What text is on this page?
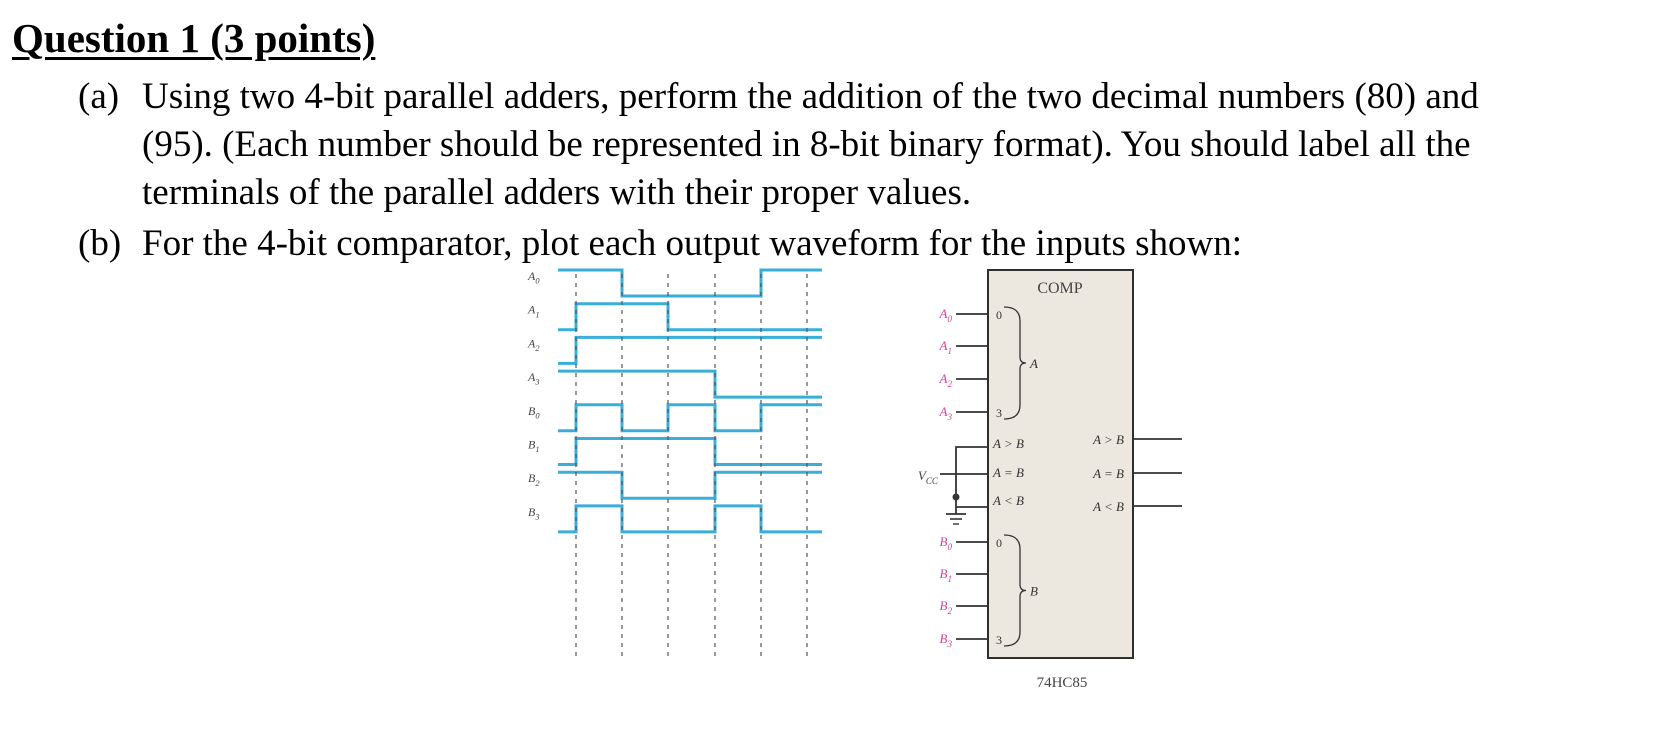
Question 1 (3 points)
(a) Using two 4-bit parallel adders, perform the addition of the two decimal numbers (80) and
(95). (Each number should be represented in 8-bit binary format). You should label all the
terminals of the parallel adders with their proper values.
(b) For the 4-bit comparator, plot each output waveform for the inputs shown:
$A_0$
$A_1$
$A_2$
$A_3$
$B_0$
$B_1$
$B_2$
$B_3$
COMP
74HC85
$A_0$
$A_1$
$A_2$
$A_3$
0
3
A
$B_0$
$B_1$
$B_2$
$B_3$
0
3
B
A > B
A = B
A < B
A > B
A = B
A < B
$V_{CC}$
